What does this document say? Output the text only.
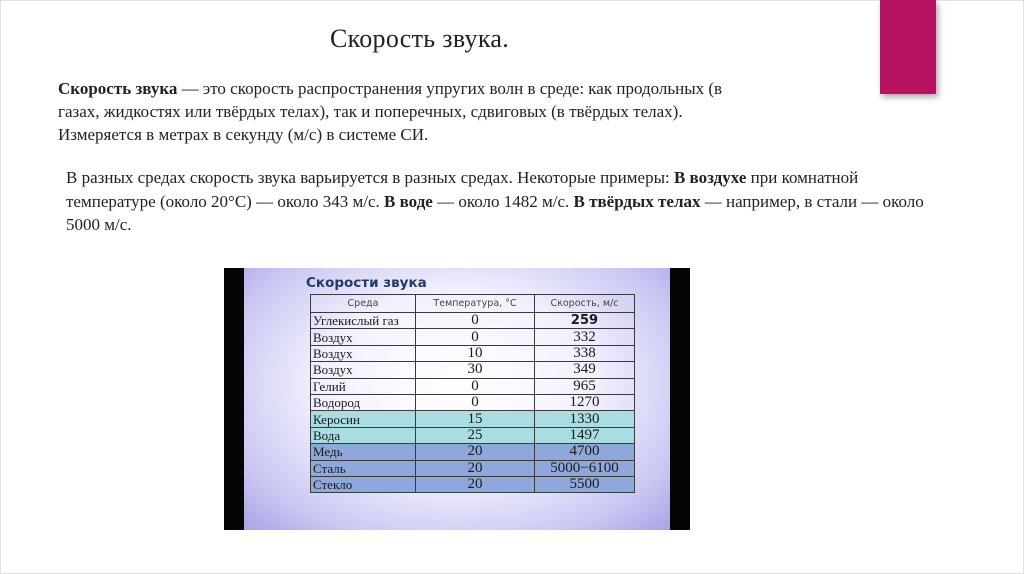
Скорость звука.

Скорость звука — это скорость распространения упругих волн в среде: как продольных (в газах, жидкостях или твёрдых телах), так и поперечных, сдвиговых (в твёрдых телах). Измеряется в метрах в секунду (м/с) в системе СИ.

В разных средах скорость звука варьируется в разных средах. Некоторые примеры: В воздухе при комнатной температуре (около 20°C) — около 343 м/с. В воде — около 1482 м/с. В твёрдых телах — например, в стали — около 5000 м/с.

Скорости звука
Среда	Температура, °С	Скорость, м/с
Углекислый газ	0	259
Воздух	0	332
Воздух	10	338
Воздух	30	349
Гелий	0	965
Водород	0	1270
Керосин	15	1330
Вода	25	1497
Медь	20	4700
Сталь	20	5000−6100
Стекло	20	5500
